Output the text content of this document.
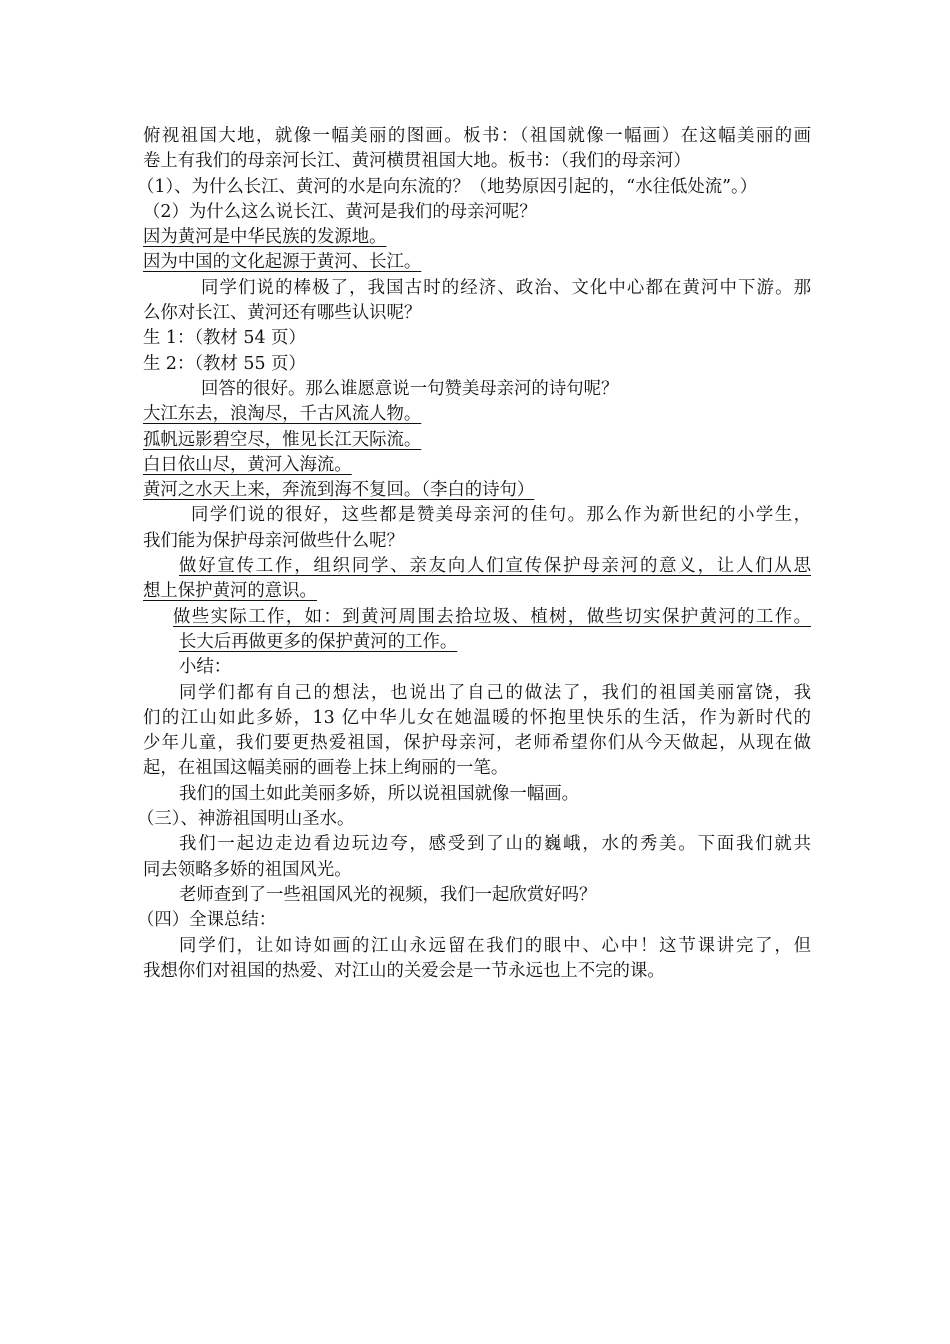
俯视祖国大地，就像一幅美丽的图画。板书：（祖国就像一幅画）在这幅美丽的画
卷上有我们的母亲河长江、黄河横贯祖国大地。板书：（我们的母亲河）
（1）、为什么长江、黄河的水是向东流的？（地势原因引起的，“水往低处流”。）
（2）为什么这么说长江、黄河是我们的母亲河呢？
因为黄河是中华民族的发源地。
因为中国的文化起源于黄河、长江。
同学们说的棒极了，我国古时的经济、政治、文化中心都在黄河中下游。那
么你对长江、黄河还有哪些认识呢？
生 1：（教材 54 页）
生 2：（教材 55 页）
回答的很好。那么谁愿意说一句赞美母亲河的诗句呢？
大江东去，浪淘尽，千古风流人物。
孤帆远影碧空尽，惟见长江天际流。
白日依山尽，黄河入海流。
黄河之水天上来，奔流到海不复回。（李白的诗句）
同学们说的很好，这些都是赞美母亲河的佳句。那么作为新世纪的小学生，
我们能为保护母亲河做些什么呢？
做好宣传工作，组织同学、亲友向人们宣传保护母亲河的意义，让人们从思
想上保护黄河的意识。
做些实际工作，如：到黄河周围去拾垃圾、植树，做些切实保护黄河的工作。
长大后再做更多的保护黄河的工作。
小结：
同学们都有自己的想法，也说出了自己的做法了，我们的祖国美丽富饶，我
们的江山如此多娇，13 亿中华儿女在她温暖的怀抱里快乐的生活，作为新时代的
少年儿童，我们要更热爱祖国，保护母亲河，老师希望你们从今天做起，从现在做
起，在祖国这幅美丽的画卷上抹上绚丽的一笔。
我们的国土如此美丽多娇，所以说祖国就像一幅画。
（三）、神游祖国明山圣水。
我们一起边走边看边玩边夸，感受到了山的巍峨，水的秀美。下面我们就共
同去领略多娇的祖国风光。
老师查到了一些祖国风光的视频，我们一起欣赏好吗？
（四）全课总结：
同学们，让如诗如画的江山永远留在我们的眼中、心中！这节课讲完了，但
我想你们对祖国的热爱、对江山的关爱会是一节永远也上不完的课。
